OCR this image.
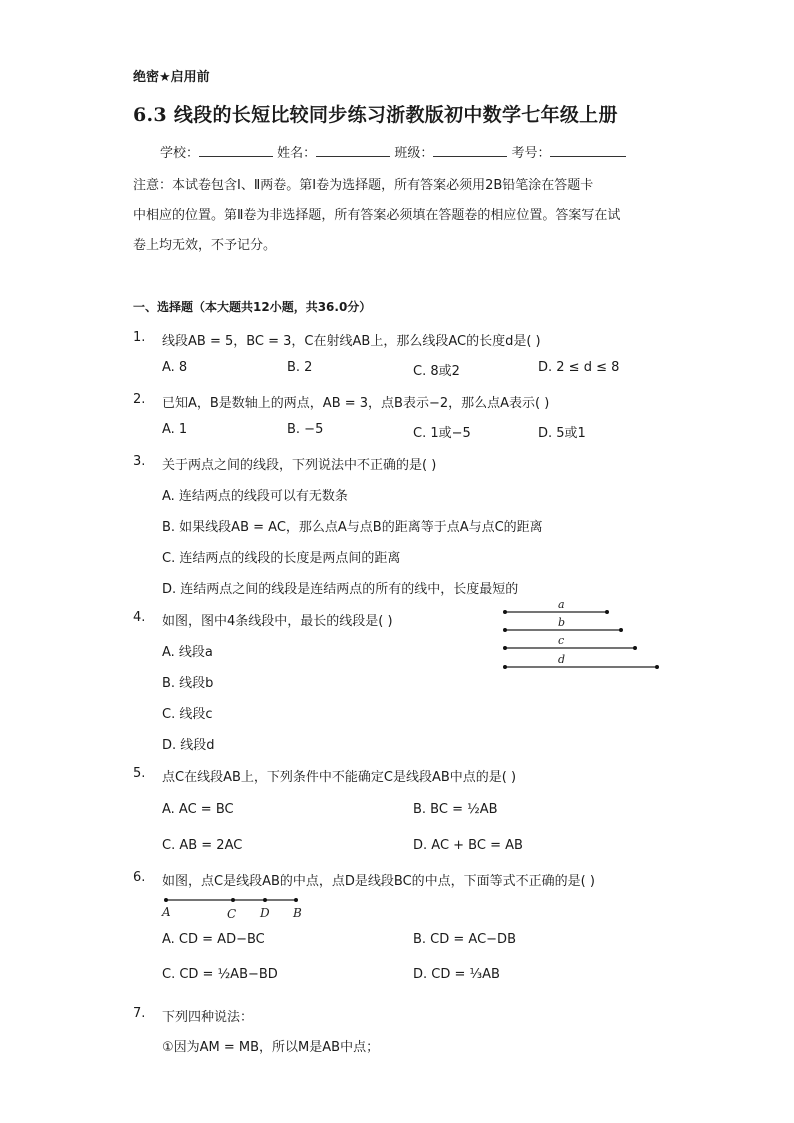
绝密★启用前
6.3 线段的长短比较同步练习浙教版初中数学七年级上册
学校：	姓名：	班级：	考号：
注意：本试卷包含Ⅰ、Ⅱ两卷。第Ⅰ卷为选择题，所有答案必须用2B铅笔涂在答题卡
中相应的位置。第Ⅱ卷为非选择题，所有答案必须填在答题卷的相应位置。答案写在试
卷上均无效，不予记分。
一、选择题（本大题共12小题，共36.0分）
1. 线段AB = 5，BC = 3，C在射线AB上，那么线段AC的长度d是( )
A. 8	B. 2	C. 8或2	D. 2 ≤ d ≤ 8
2. 已知A，B是数轴上的两点，AB = 3，点B表示−2，那么点A表示( )
A. 1	B. −5	C. 1或−5	D. 5或1
3. 关于两点之间的线段，下列说法中不正确的是( )
A. 连结两点的线段可以有无数条
B. 如果线段AB = AC，那么点A与点B的距离等于点A与点C的距离
C. 连结两点的线段的长度是两点间的距离
D. 连结两点之间的线段是连结两点的所有的线中，长度最短的
4. 如图，图中4条线段中，最长的线段是( )
A. 线段a
B. 线段b
C. 线段c
D. 线段d
a
b
c
d
5. 点C在线段AB上，下列条件中不能确定C是线段AB中点的是( )
A. AC = BC	B. BC = ½AB
C. AB = 2AC	D. AC + BC = AB
6. 如图，点C是线段AB的中点，点D是线段BC的中点，下面等式不正确的是( )
A	C D B
A. CD = AD−BC	B. CD = AC−DB
C. CD = ½AB−BD	D. CD = ⅓AB
7. 下列四种说法：
①因为AM = MB，所以M是AB中点；
